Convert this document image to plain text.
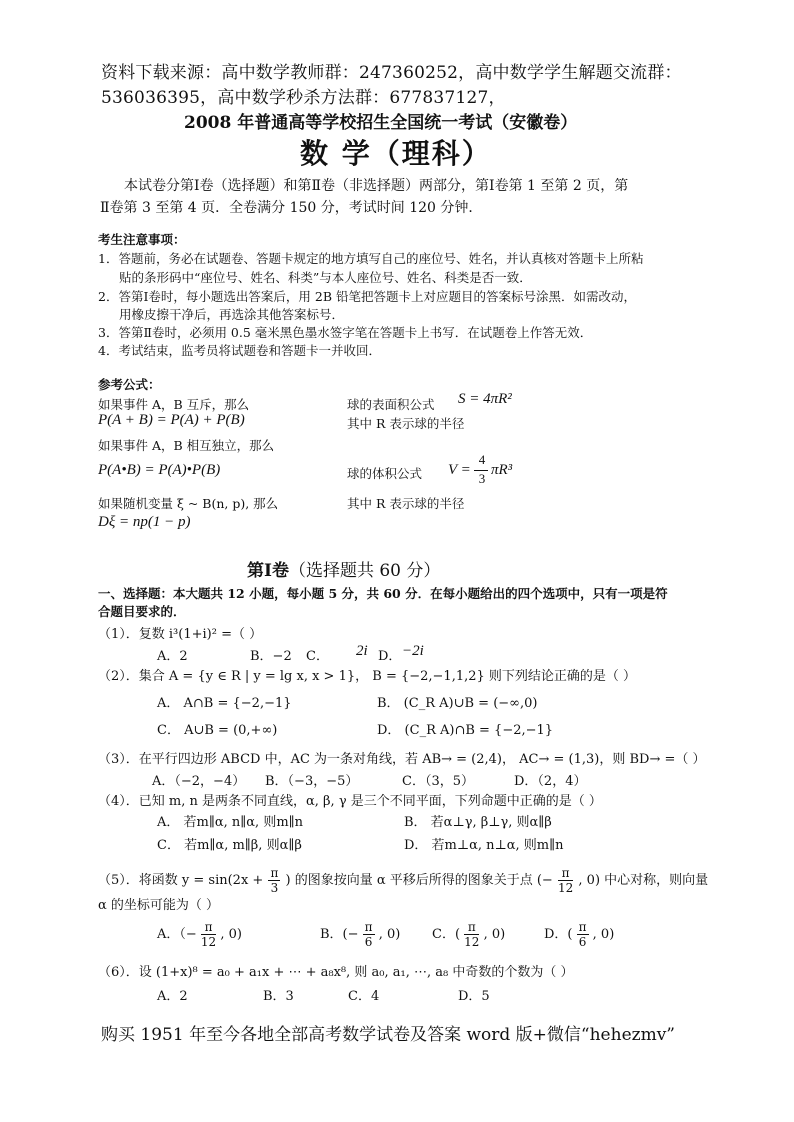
资料下载来源：高中数学教师群：247360252，高中数学学生解题交流群：
536036395，高中数学秒杀方法群：677837127，
2008 年普通高等学校招生全国统一考试（安徽卷）
数 学（理科）
本试卷分第Ⅰ卷（选择题）和第Ⅱ卷（非选择题）两部分，第Ⅰ卷第 1 至第 2 页，第
Ⅱ卷第 3 至第 4 页．全卷满分 150 分，考试时间 120 分钟．
考生注意事项：
1．答题前，务必在试题卷、答题卡规定的地方填写自己的座位号、姓名，并认真核对答题卡上所粘
贴的条形码中“座位号、姓名、科类”与本人座位号、姓名、科类是否一致．
2．答第Ⅰ卷时，每小题选出答案后，用 2B 铅笔把答题卡上对应题目的答案标号涂黑．如需改动，
用橡皮擦干净后，再选涂其他答案标号．
3．答第Ⅱ卷时，必须用 0.5 毫米黑色墨水签字笔在答题卡上书写．在试题卷上作答无效．
4．考试结束，监考员将试题卷和答题卡一并收回．
参考公式：
如果事件 A，B 互斥，那么
P(A + B) = P(A) + P(B)
如果事件 A，B 相互独立，那么
P(A•B) = P(A)•P(B)
如果随机变量 ξ ~ B(n, p), 那么
Dξ = np(1 − p)
球的表面积公式 S = 4πR²
其中 R 表示球的半径
球的体积公式 V =
4
3
πR³
其中 R 表示球的半径
第Ⅰ卷（选择题共 60 分）
一、选择题：本大题共 12 小题，每小题 5 分，共 60 分．在每小题给出的四个选项中，只有一项是符
合题目要求的．
（1）．复数 i³(1+i)² =（ ）
A．2	B．−2 C． 2i D． −2i
（2）．集合 A = {y ∈ R | y = lg x, x > 1}， B = {−2,−1,1,2} 则下列结论正确的是（ ）
A． A∩B = {−2,−1}	B． (C_R A)∪B = (−∞,0)
C． A∪B = (0,+∞)	D． (C_R A)∩B = {−2,−1}
（3）．在平行四边形 ABCD 中，AC 为一条对角线，若 AB→ = (2,4)， AC→ = (1,3)，则 BD→ =（ ）
A．（−2，−4） B．（−3，−5）	C．（3，5）	D．（2，4）
（4）．已知 m, n 是两条不同直线，α, β, γ 是三个不同平面，下列命题中正确的是（ ）
A． 若m∥α, n∥α, 则m∥n	B． 若α⊥γ, β⊥γ, 则α∥β
C． 若m∥α, m∥β, 则α∥β	D． 若m⊥α, n⊥α, 则m∥n
（5）．将函数 $y = \sin(2x + \frac{\pi}{3}$ ) 的图象按向量 α 平移后所得的图象关于点 (− $\frac{\pi}{12}$ , 0) 中心对称，则向量
α 的坐标可能为（ ）
A．（− $\frac{\pi}{12}$ , 0)	B．(− $\frac{\pi}{6}$ , 0) C．( $\frac{\pi}{12}$ , 0)	D．( $\frac{\pi}{6}$ , 0)
（6）．设 (1+x)⁸ = a₀ + a₁x + ⋯ + a₈x⁸, 则 a₀, a₁, ⋯, a₈ 中奇数的个数为（ ）
A．2	B．3	C．4	D．5
购买 1951 年至今各地全部高考数学试卷及答案 word 版+微信“hehezmv”
